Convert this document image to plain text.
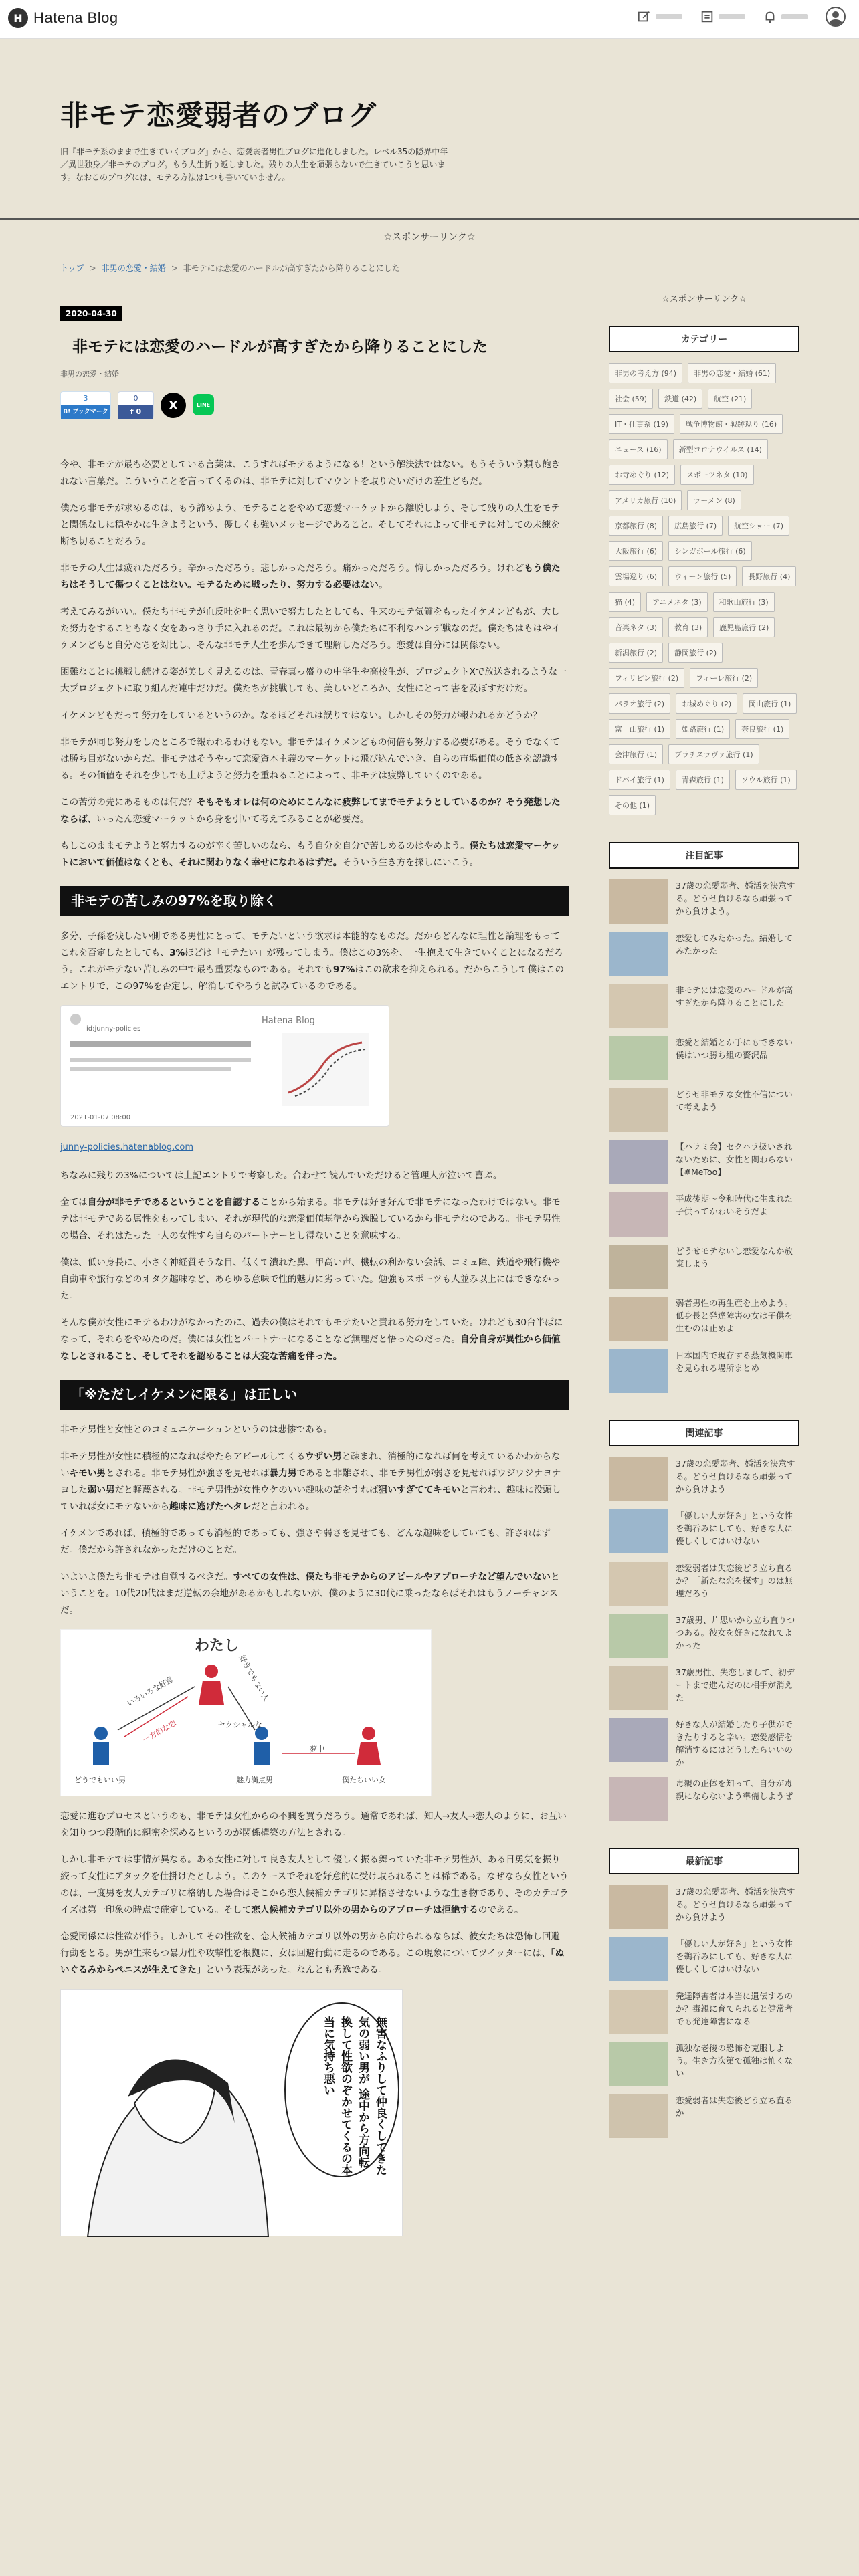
H Hatena Blog
非モテ恋愛弱者のブログ
旧『非モテ系のままで生きていくブログ』から、恋愛弱者男性ブログに進化しました。レベル35の隠界中年／異世独身／非モテのブログ。もう人生折り返しました。残りの人生を頑張らないで生きていこうと思います。なおこのブログには、モテる方法は1つも書いていません。
☆スポンサーリンク☆
トップ > 非男の恋愛・結婚 > 非モテには恋愛のハードルが高すぎたから降りることにした
2020-04-30
非モテには恋愛のハードルが高すぎたから降りることにした
非男の恋愛・結婚
3
B! ブックマーク
0
f 0	X	LINE

今や、非モテが最も必要としている言葉は、こうすればモテるようになる！という解決法ではない。もうそういう類も飽きれない言葉だ。こういうことを言ってくるのは、非モテに対してマウントを取りたいだけの差生どもだ。

僕たち非モテが求めるのは、もう諦めよう、モテることをやめて恋愛マーケットから離脱しよう、そして残りの人生をモテと関係なしに穏やかに生きようという、優しくも強いメッセージであること。そしてそれによって非モテに対しての未練を断ち切ることだろう。

非モテの人生は疲れただろう。辛かっただろう。悲しかっただろう。痛かっただろう。悔しかっただろう。けれどもう僕たちはそうして傷つくことはない。モテるために戦ったり、努力する必要はない。

考えてみるがいい。僕たち非モテが血反吐を吐く思いで努力したとしても、生来のモテ気質をもったイケメンどもが、大した努力をすることもなく女をあっさり手に入れるのだ。これは最初から僕たちに不利なハンデ戦なのだ。僕たちはもはやイケメンどもと自分たちを対比し、そんな非モテ人生を歩んできて理解しただろう。恋愛は自分には関係ない。

困難なことに挑戦し続ける姿が美しく見えるのは、青春真っ盛りの中学生や高校生が、プロジェクトXで放送されるような一大プロジェクトに取り組んだ連中だけだ。僕たちが挑戦しても、美しいどころか、女性にとって害を及ぼすだけだ。

イケメンどもだって努力をしているというのか。なるほどそれは誤りではない。しかしその努力が報われるかどうか？

非モテが同じ努力をしたところで報われるわけもない。非モテはイケメンどもの何倍も努力する必要がある。そうでなくては勝ち目がないからだ。非モテはそうやって恋愛資本主義のマーケットに飛び込んでいき、自らの市場価値の低さを認識する。その価値をそれを少しでも上げようと努力を重ねることによって、非モテは疲弊していくのである。

この苦労の先にあるものは何だ？そもそもオレは何のためにこんなに疲弊してまでモテようとしているのか？そう発想したならば、いったん恋愛マーケットから身を引いて考えてみることが必要だ。

もしこのままモテようと努力するのが辛く苦しいのなら、もう自分を自分で苦しめるのはやめよう。僕たちは恋愛マーケットにおいて価値はなくとも、それに関わりなく幸せになれるはずだ。そういう生き方を探しにいこう。

非モテの苦しみの97%を取り除く

多分、子孫を残したい側である男性にとって、モテたいという欲求は本能的なものだ。だからどんなに理性と論理をもってこれを否定したとしても、3%ほどは「モテたい」が残ってしまう。僕はこの3%を、一生抱えて生きていくことになるだろう。これがモテない苦しみの中で最も重要なものである。それでも97%はこの欲求を抑えられる。だからこうして僕はこのエントリで、この97%を否定し、解消してやろうと試みているのである。

id:junny-policies
Hatena Blog
2021-01-07 08:00
junny-policies.hatenablog.com

ちなみに残りの3%については上記エントリで考察した。合わせて読んでいただけると管理人が泣いて喜ぶ。

全ては自分が非モテであるということを自認することから始まる。非モテは好き好んで非モテになったわけではない。非モテは非モテである属性をもってしまい、それが現代的な恋愛価値基準から逸脱しているから非モテなのである。非モテ男性の場合、それはたった一人の女性すら自らのパートナーとし得ないことを意味する。

僕は、低い身長に、小さく神経質そうな目、低くて潰れた鼻、甲高い声、機転の利かない会話、コミュ障、鉄道や飛行機や自動車や旅行などのオタク趣味など、あらゆる意味で性的魅力に劣っていた。勉強もスポーツも人並み以上にはできなかった。

そんな僕が女性にモテるわけがなかったのに、過去の僕はそれでもモテたいと責れる努力をしていた。けれども30台半ばになって、それらをやめたのだ。僕には女性とパートナーになることなど無理だと悟ったのだった。自分自身が異性から価値なしとされること、そしてそれを認めることは大変な苦痛を伴った。

「※ただしイケメンに限る」は正しい

非モテ男性と女性とのコミュニケーションというのは悲惨である。

非モテ男性が女性に積極的になればやたらアピールしてくるウザい男と疎まれ、消極的になれば何を考えているかわからないキモい男とされる。非モテ男性が強さを見せれば暴力男であると非難され、非モテ男性が弱さを見せればウジウジナヨナヨした弱い男だと軽蔑される。非モテ男性が女性ウケのいい趣味の話をすれば狙いすぎててキモいと言われ、趣味に没頭していれば女にモテないから趣味に逃げたヘタレだと言われる。

イケメンであれば、積極的であっても消極的であっても、強さや弱さを見せても、どんな趣味をしていても、許されはずだ。僕だから許されなかっただけのことだ。

いよいよ僕たち非モテは自覚するべきだ。すべての女性は、僕たち非モテからのアピールやアプローチなど望んでいないということを。10代20代はまだ逆転の余地があるかもしれないが、僕のように30代に乗ったならばそれはもうノーチャンスだ。

わたし
いろいろな好意
一方的な恋
好きでもない人
セクシャルな
どうでもいい男	魅力満点男
夢中
僕たちいい女

恋愛に進むプロセスというのも、非モテは女性からの不興を買うだろう。通常であれば、知人→友人→恋人のように、お互いを知りつつ段階的に親密を深めるというのが関係構築の方法とされる。

しかし非モテでは事情が異なる。ある女性に対して良き友人として優しく振る舞っていた非モテ男性が、ある日勇気を振り絞って女性にアタックを仕掛けたとしよう。このケースでそれを好意的に受け取られることは稀である。なぜなら女性というのは、一度男を友人カテゴリに格納した場合はそこから恋人候補カテゴリに昇格させないような生き物であり、そのカテゴライズは第一印象の時点で確定している。そして恋人候補カテゴリ以外の男からのアプローチは拒絶するのである。

恋愛関係には性欲が伴う。しかしてその性欲を、恋人候補カテゴリ以外の男から向けられるならば、彼女たちは恐怖し回避行動をとる。男が生来もつ暴力性や攻撃性を根拠に、女は回避行動に走るのである。この現象についてツイッターには、「ぬいぐるみからペニスが生えてきた」という表現があった。なんとも秀逸である。

無害なふりして仲良くしてきた気の弱い男が 途中から方向転換して性欲のぞかせてくるの本当に気持ち悪い
☆スポンサーリンク☆
カテゴリー
非男の考え方 (94)	非男の恋愛・結婚 (61)
社会 (59)	鉄道 (42)	航空 (21)
IT・仕事系 (19)	戦争博物館・戦跡巡り (16)
ニュース (16)	新型コロナウイルス (14)
お寺めぐり (12)	スポーツネタ (10)
アメリカ旅行 (10)	ラーメン (8)
京都旅行 (8)	広島旅行 (7)	航空ショー (7)
大阪旅行 (6)	シンガポール旅行 (6)
雲場巡り (6)	ウィーン旅行 (5)	長野旅行 (4)
猫 (4)	アニメネタ (3)	和歌山旅行 (3)
音楽ネタ (3)	教育 (3)	鹿児島旅行 (2)
新潟旅行 (2)	静岡旅行 (2)
フィリピン旅行 (2)	フィーレ旅行 (2)
パラオ旅行 (2)	お城めぐり (2)	岡山旅行 (1)
富士山旅行 (1)	姫路旅行 (1)	奈良旅行 (1)
会津旅行 (1)	ブラチスラヴァ旅行 (1)
ドバイ旅行 (1)	青森旅行 (1)	ソウル旅行 (1)
その他 (1)
注目記事
37歳の恋愛弱者、婚活を決意する。どうせ負けるなら頑張ってから負けよう。
恋愛してみたかった。結婚してみたかった
非モテには恋愛のハードルが高すぎたから降りることにした
恋愛と結婚とか手にもできない僕はいつ勝ち組の贅沢品
どうせ非モテな女性不信について考えよう
【ハラミ会】セクハラ扱いされないために、女性と関わらない【#MeToo】
平成後期〜令和時代に生まれた子供ってかわいそうだよ
どうせモテないし恋愛なんか放棄しよう
弱者男性の再生産を止めよう。低身長と発達障害の女は子供を生むのは止めよ
日本国内で現存する蒸気機関車を見られる場所まとめ
関連記事
37歳の恋愛弱者、婚活を決意する。どうせ負けるなら頑張ってから負けよう
「優しい人が好き」という女性を鵜呑みにしても、好きな人に優しくしてはいけない
恋愛弱者は失恋後どう立ち直るか？「新たな恋を探す」のは無理だろう
37歳男、片思いから立ち直りつつある。彼女を好きになれてよかった
37歳男性、失恋しまして、初デートまで進んだのに相手が消えた
好きな人が結婚したり子供ができたりすると辛い。恋愛感情を解消するにはどうしたらいいのか
毒親の正体を知って、自分が毒親にならないよう準備しようぜ
最新記事
37歳の恋愛弱者、婚活を決意する。どうせ負けるなら頑張ってから負けよう
「優しい人が好き」という女性を鵜呑みにしても、好きな人に優しくしてはいけない
発達障害者は本当に遺伝するのか？毒親に育てられると健常者でも発達障害になる
孤独な老後の恐怖を克服しよう。生き方次第で孤独は怖くない
恋愛弱者は失恋後どう立ち直るか
